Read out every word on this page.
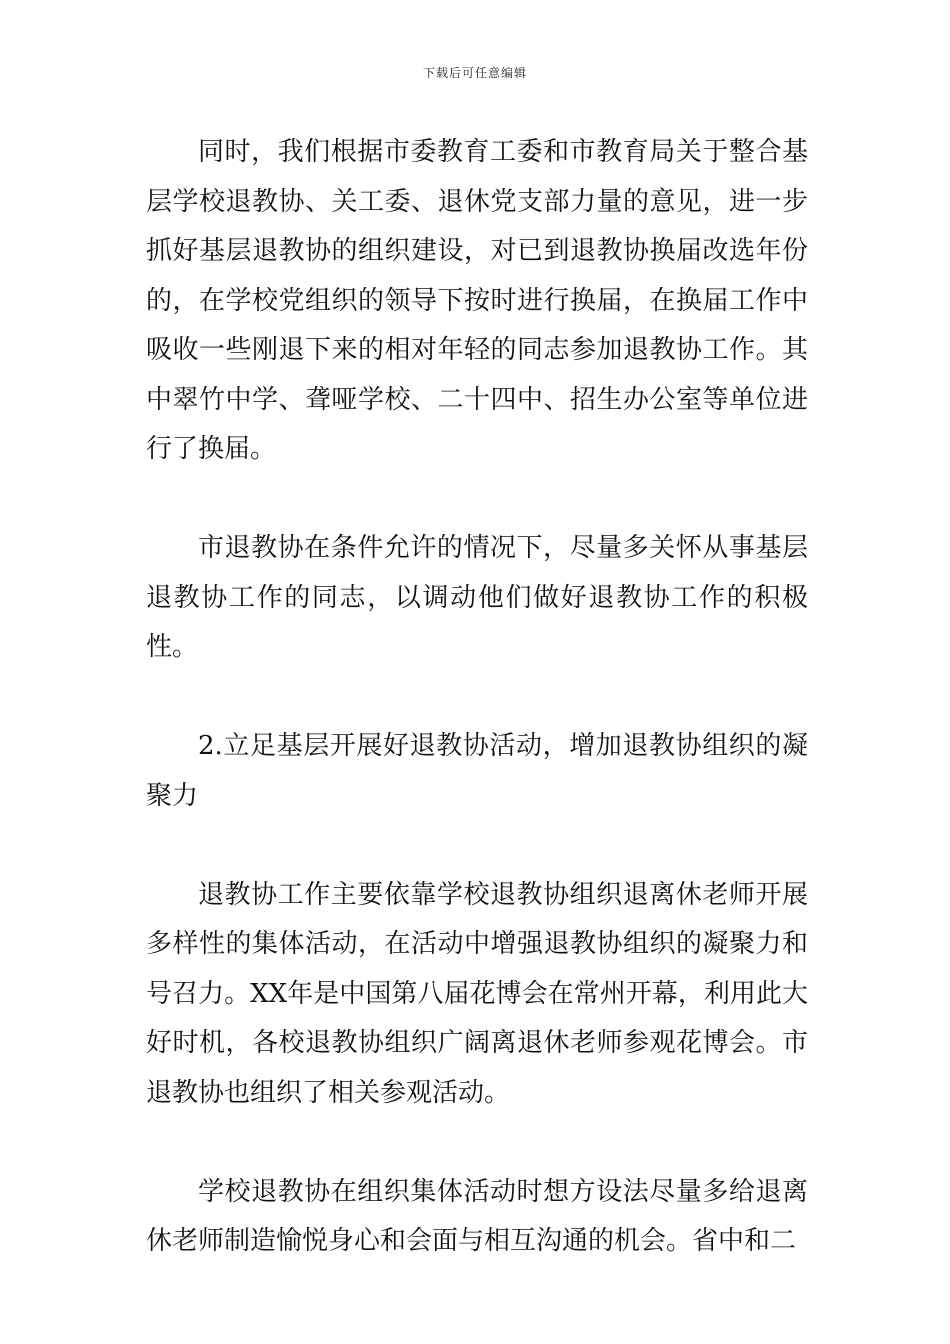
下载后可任意编辑

同时，我们根据市委教育工委和市教育局关于整合基层学校退教协、关工委、退休党支部力量的意见，进一步抓好基层退教协的组织建设，对已到退教协换届改选年份的，在学校党组织的领导下按时进行换届，在换届工作中吸收一些刚退下来的相对年轻的同志参加退教协工作。其中翠竹中学、聋哑学校、二十四中、招生办公室等单位进行了换届。

市退教协在条件允许的情况下，尽量多关怀从事基层退教协工作的同志，以调动他们做好退教协工作的积极性。

2.立足基层开展好退教协活动，增加退教协组织的凝聚力

退教协工作主要依靠学校退教协组织退离休老师开展多样性的集体活动，在活动中增强退教协组织的凝聚力和号召力。XX年是中国第八届花博会在常州开幕，利用此大好时机，各校退教协组织广阔离退休老师参观花博会。市退教协也组织了相关参观活动。

学校退教协在组织集体活动时想方设法尽量多给退离休老师制造愉悦身心和会面与相互沟通的机会。省中和二
